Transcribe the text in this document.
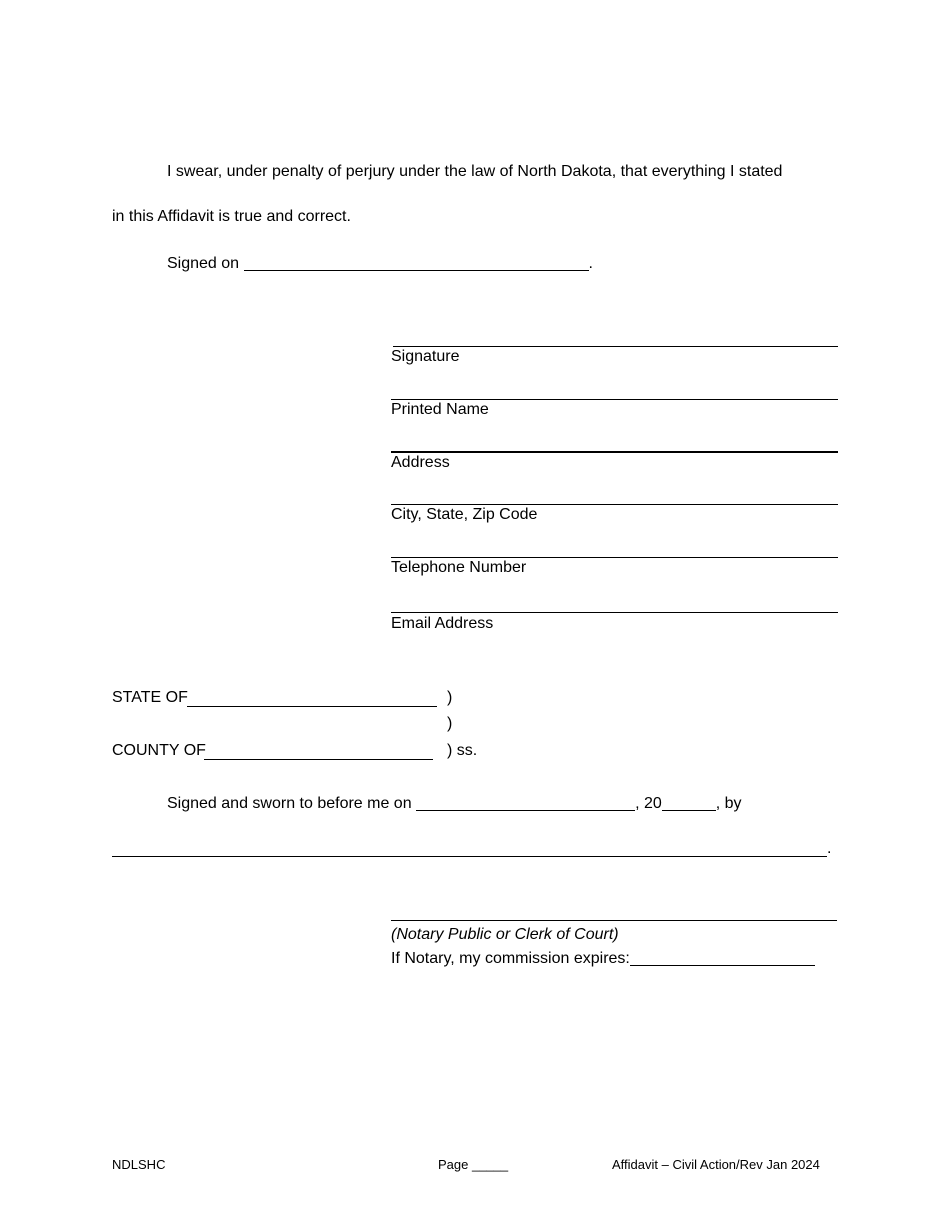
I swear, under penalty of perjury under the law of North Dakota, that everything I stated
in this Affidavit is true and correct.
Signed on	.
Signature
Printed Name
Address
City, State, Zip Code
Telephone Number
Email Address
STATE OF	)
)
COUNTY OF	) ss.
Signed and sworn to before me on	, 20	, by
.
(Notary Public or Clerk of Court)
If Notary, my commission expires:
NDLSHC	Page _____	Affidavit – Civil Action/Rev Jan 2024
